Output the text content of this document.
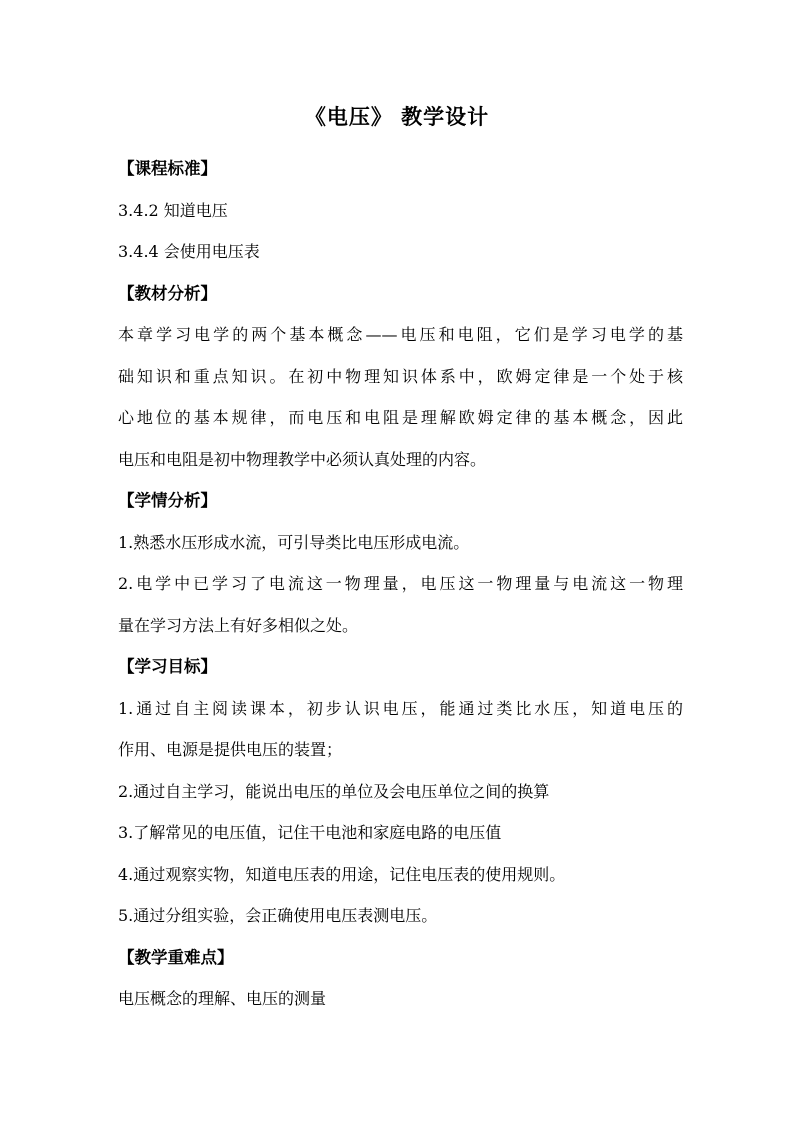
《电压》 教学设计
【课程标准】
3.4.2 知道电压
3.4.4 会使用电压表
【教材分析】
本章学习电学的两个基本概念——电压和电阻，它们是学习电学的基
础知识和重点知识。在初中物理知识体系中，欧姆定律是一个处于核
心地位的基本规律，而电压和电阻是理解欧姆定律的基本概念，因此
电压和电阻是初中物理教学中必须认真处理的内容。
【学情分析】
1.熟悉水压形成水流，可引导类比电压形成电流。
2.电学中已学习了电流这一物理量，电压这一物理量与电流这一物理
量在学习方法上有好多相似之处。
【学习目标】
1.通过自主阅读课本，初步认识电压，能通过类比水压，知道电压的
作用、电源是提供电压的装置；
2.通过自主学习，能说出电压的单位及会电压单位之间的换算
3.了解常见的电压值，记住干电池和家庭电路的电压值
4.通过观察实物，知道电压表的用途，记住电压表的使用规则。
5.通过分组实验，会正确使用电压表测电压。
【教学重难点】
电压概念的理解、电压的测量
